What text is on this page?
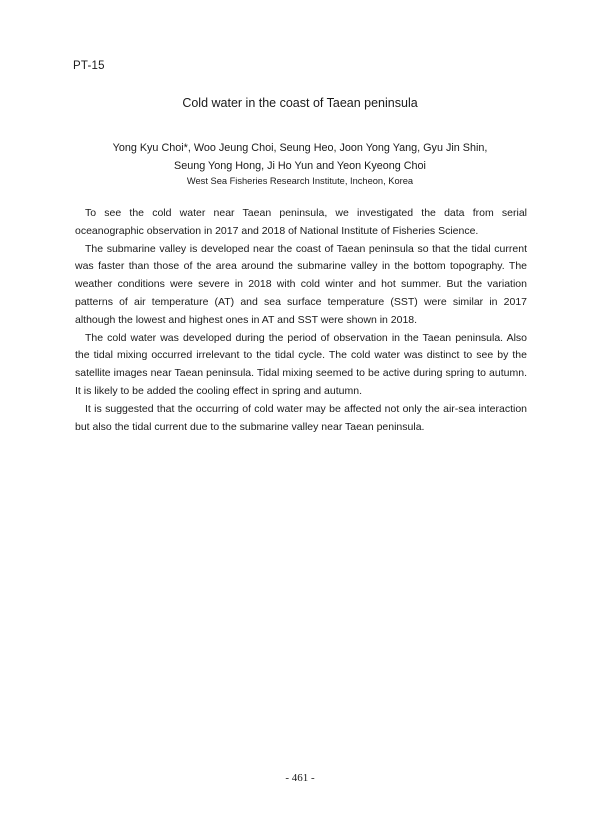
PT-15
Cold water in the coast of Taean peninsula
Yong Kyu Choi*, Woo Jeung Choi, Seung Heo, Joon Yong Yang, Gyu Jin Shin,
Seung Yong Hong, Ji Ho Yun and Yeon Kyeong Choi
West Sea Fisheries Research Institute, Incheon, Korea

To see the cold water near Taean peninsula, we investigated the data from serial oceanographic observation in 2017 and 2018 of National Institute of Fisheries Science.

The submarine valley is developed near the coast of Taean peninsula so that the tidal current was faster than those of the area around the submarine valley in the bottom topography. The weather conditions were severe in 2018 with cold winter and hot summer. But the variation patterns of air temperature (AT) and sea surface temperature (SST) were similar in 2017 although the lowest and highest ones in AT and SST were shown in 2018.

The cold water was developed during the period of observation in the Taean peninsula. Also the tidal mixing occurred irrelevant to the tidal cycle. The cold water was distinct to see by the satellite images near Taean peninsula. Tidal mixing seemed to be active during spring to autumn. It is likely to be added the cooling effect in spring and autumn.

It is suggested that the occurring of cold water may be affected not only the air-sea interaction but also the tidal current due to the submarine valley near Taean peninsula.

- 461 -
